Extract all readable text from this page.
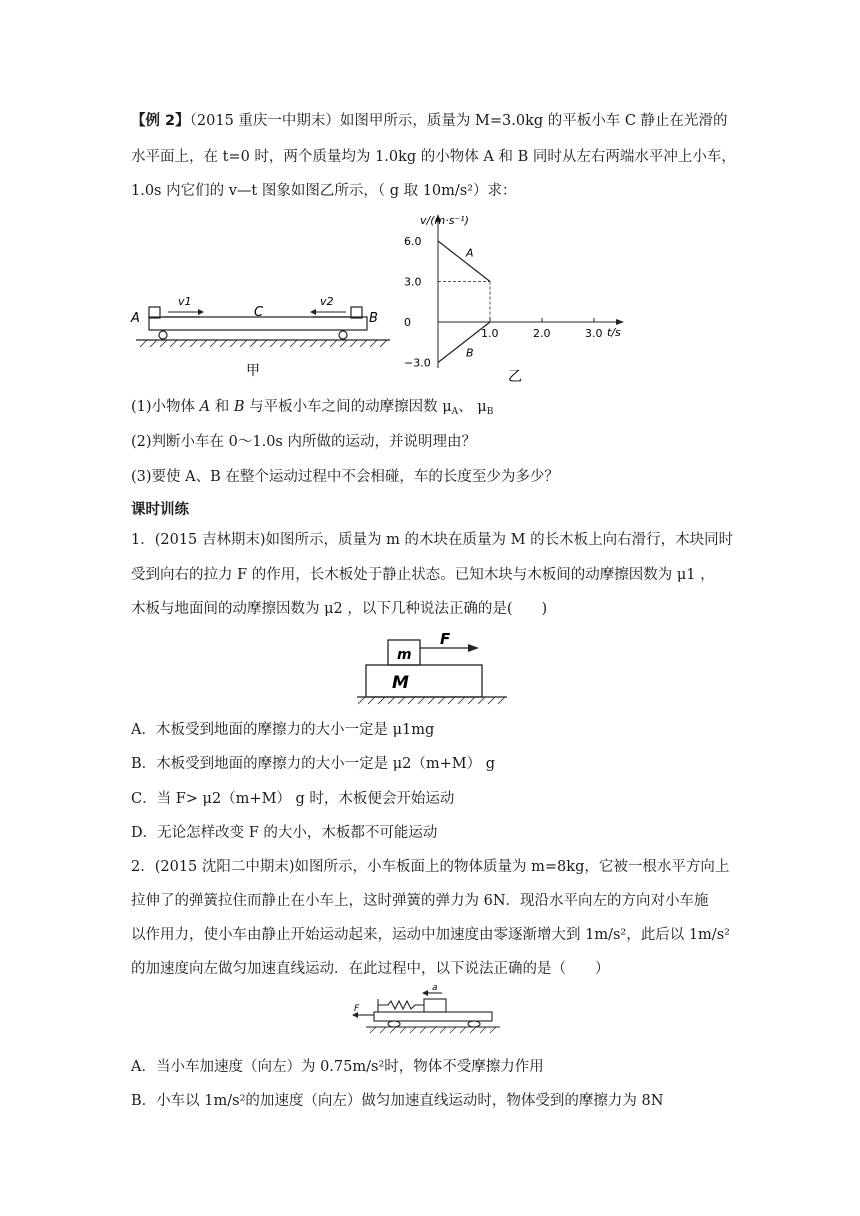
【例 2】（2015 重庆一中期末）如图甲所示，质量为 M=3.0kg 的平板小车 C 静止在光滑的
水平面上，在 t=0 时，两个质量均为 1.0kg 的小物体 A 和 B 同时从左右两端水平冲上小车，
1.0s 内它们的 v—t 图象如图乙所示，（ g 取 10m/s²）求：
v1	v2
A	B
C
甲
6.0
3.0
0
−3.0
1.0	2.0	3.0
A
B
v/(m·s⁻¹)
t/s
乙
(1)小物体 A 和 B 与平板小车之间的动摩擦因数 $\mu_A$、 $\mu_B$
(2)判断小车在 0～1.0s 内所做的运动，并说明理由？
(3)要使 A、B 在整个运动过程中不会相碰，车的长度至少为多少？
课时训练
1．(2015 吉林期末)如图所示，质量为 m 的木块在质量为 M 的长木板上向右滑行，木块同时
受到向右的拉力 F 的作用，长木板处于静止状态。已知木块与木板间的动摩擦因数为 μ1 ，
木板与地面间的动摩擦因数为 μ2 ，以下几种说法正确的是(　　)
m
F
M
A．木板受到地面的摩擦力的大小一定是 μ1mg
B．木板受到地面的摩擦力的大小一定是 μ2（m+M） g
C．当 F> μ2（m+M） g 时，木板便会开始运动
D．无论怎样改变 F 的大小，木板都不可能运动
2．(2015 沈阳二中期末)如图所示，小车板面上的物体质量为 m=8kg，它被一根水平方向上
拉伸了的弹簧拉住而静止在小车上，这时弹簧的弹力为 6N．现沿水平向左的方向对小车施
以作用力，使小车由静止开始运动起来，运动中加速度由零逐渐增大到 1m/s²，此后以 1m/s²
的加速度向左做匀加速直线运动．在此过程中，以下说法正确的是（　　）
a
F
A．当小车加速度（向左）为 0.75m/s²时，物体不受摩擦力作用
B．小车以 1m/s²的加速度（向左）做匀加速直线运动时，物体受到的摩擦力为 8N
